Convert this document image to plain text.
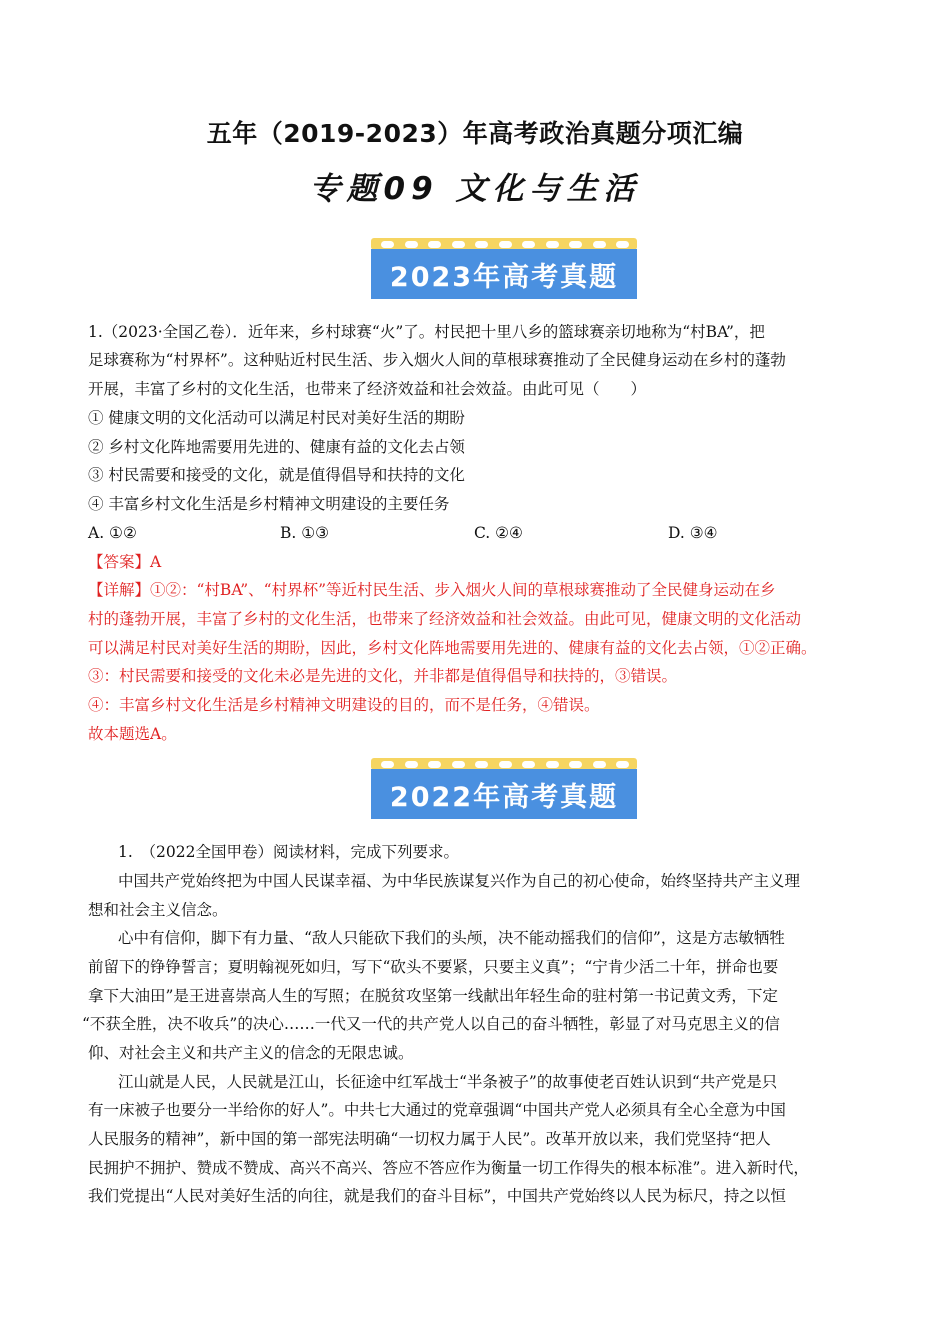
五年（2019-2023）年高考政治真题分项汇编
专题09 文化与生活
2023年高考真题
1.（2023·全国乙卷）．近年来，乡村球赛“火”了。村民把十里八乡的篮球赛亲切地称为“村BA”，把
足球赛称为“村界杯”。这种贴近村民生活、步入烟火人间的草根球赛推动了全民健身运动在乡村的蓬勃
开展，丰富了乡村的文化生活，也带来了经济效益和社会效益。由此可见（　　）
① 健康文明的文化活动可以满足村民对美好生活的期盼
② 乡村文化阵地需要用先进的、健康有益的文化去占领
③ 村民需要和接受的文化，就是值得倡导和扶持的文化
④ 丰富乡村文化生活是乡村精神文明建设的主要任务
A. ①②	B. ①③	C. ②④	D. ③④
【答案】A
【详解】①②：“村BA”、“村界杯”等近村民生活、步入烟火人间的草根球赛推动了全民健身运动在乡
村的蓬勃开展，丰富了乡村的文化生活，也带来了经济效益和社会效益。由此可见，健康文明的文化活动
可以满足村民对美好生活的期盼，因此，乡村文化阵地需要用先进的、健康有益的文化去占领，①②正确。
③：村民需要和接受的文化未必是先进的文化，并非都是值得倡导和扶持的，③错误。
④：丰富乡村文化生活是乡村精神文明建设的目的，而不是任务，④错误。
故本题选A。
2022年高考真题
1.　（2022全国甲卷）阅读材料，完成下列要求。
中国共产党始终把为中国人民谋幸福、为中华民族谋复兴作为自己的初心使命，始终坚持共产主义理
想和社会主义信念。
心中有信仰，脚下有力量、“敌人只能砍下我们的头颅，决不能动摇我们的信仰”，这是方志敏牺牲
前留下的铮铮誓言；夏明翰视死如归，写下“砍头不要紧，只要主义真”；“宁肯少活二十年，拼命也要
拿下大油田”是王进喜崇高人生的写照；在脱贫攻坚第一线献出年轻生命的驻村第一书记黄文秀，下定
“不获全胜，决不收兵”的决心……一代又一代的共产党人以自己的奋斗牺牲，彰显了对马克思主义的信
仰、对社会主义和共产主义的信念的无限忠诚。
江山就是人民，人民就是江山，长征途中红军战士“半条被子”的故事使老百姓认识到“共产党是只
有一床被子也要分一半给你的好人”。中共七大通过的党章强调“中国共产党人必须具有全心全意为中国
人民服务的精神”，新中国的第一部宪法明确“一切权力属于人民”。改革开放以来，我们党坚持“把人
民拥护不拥护、赞成不赞成、高兴不高兴、答应不答应作为衡量一切工作得失的根本标准”。进入新时代，
我们党提出“人民对美好生活的向往，就是我们的奋斗目标”，中国共产党始终以人民为标尺，持之以恒
